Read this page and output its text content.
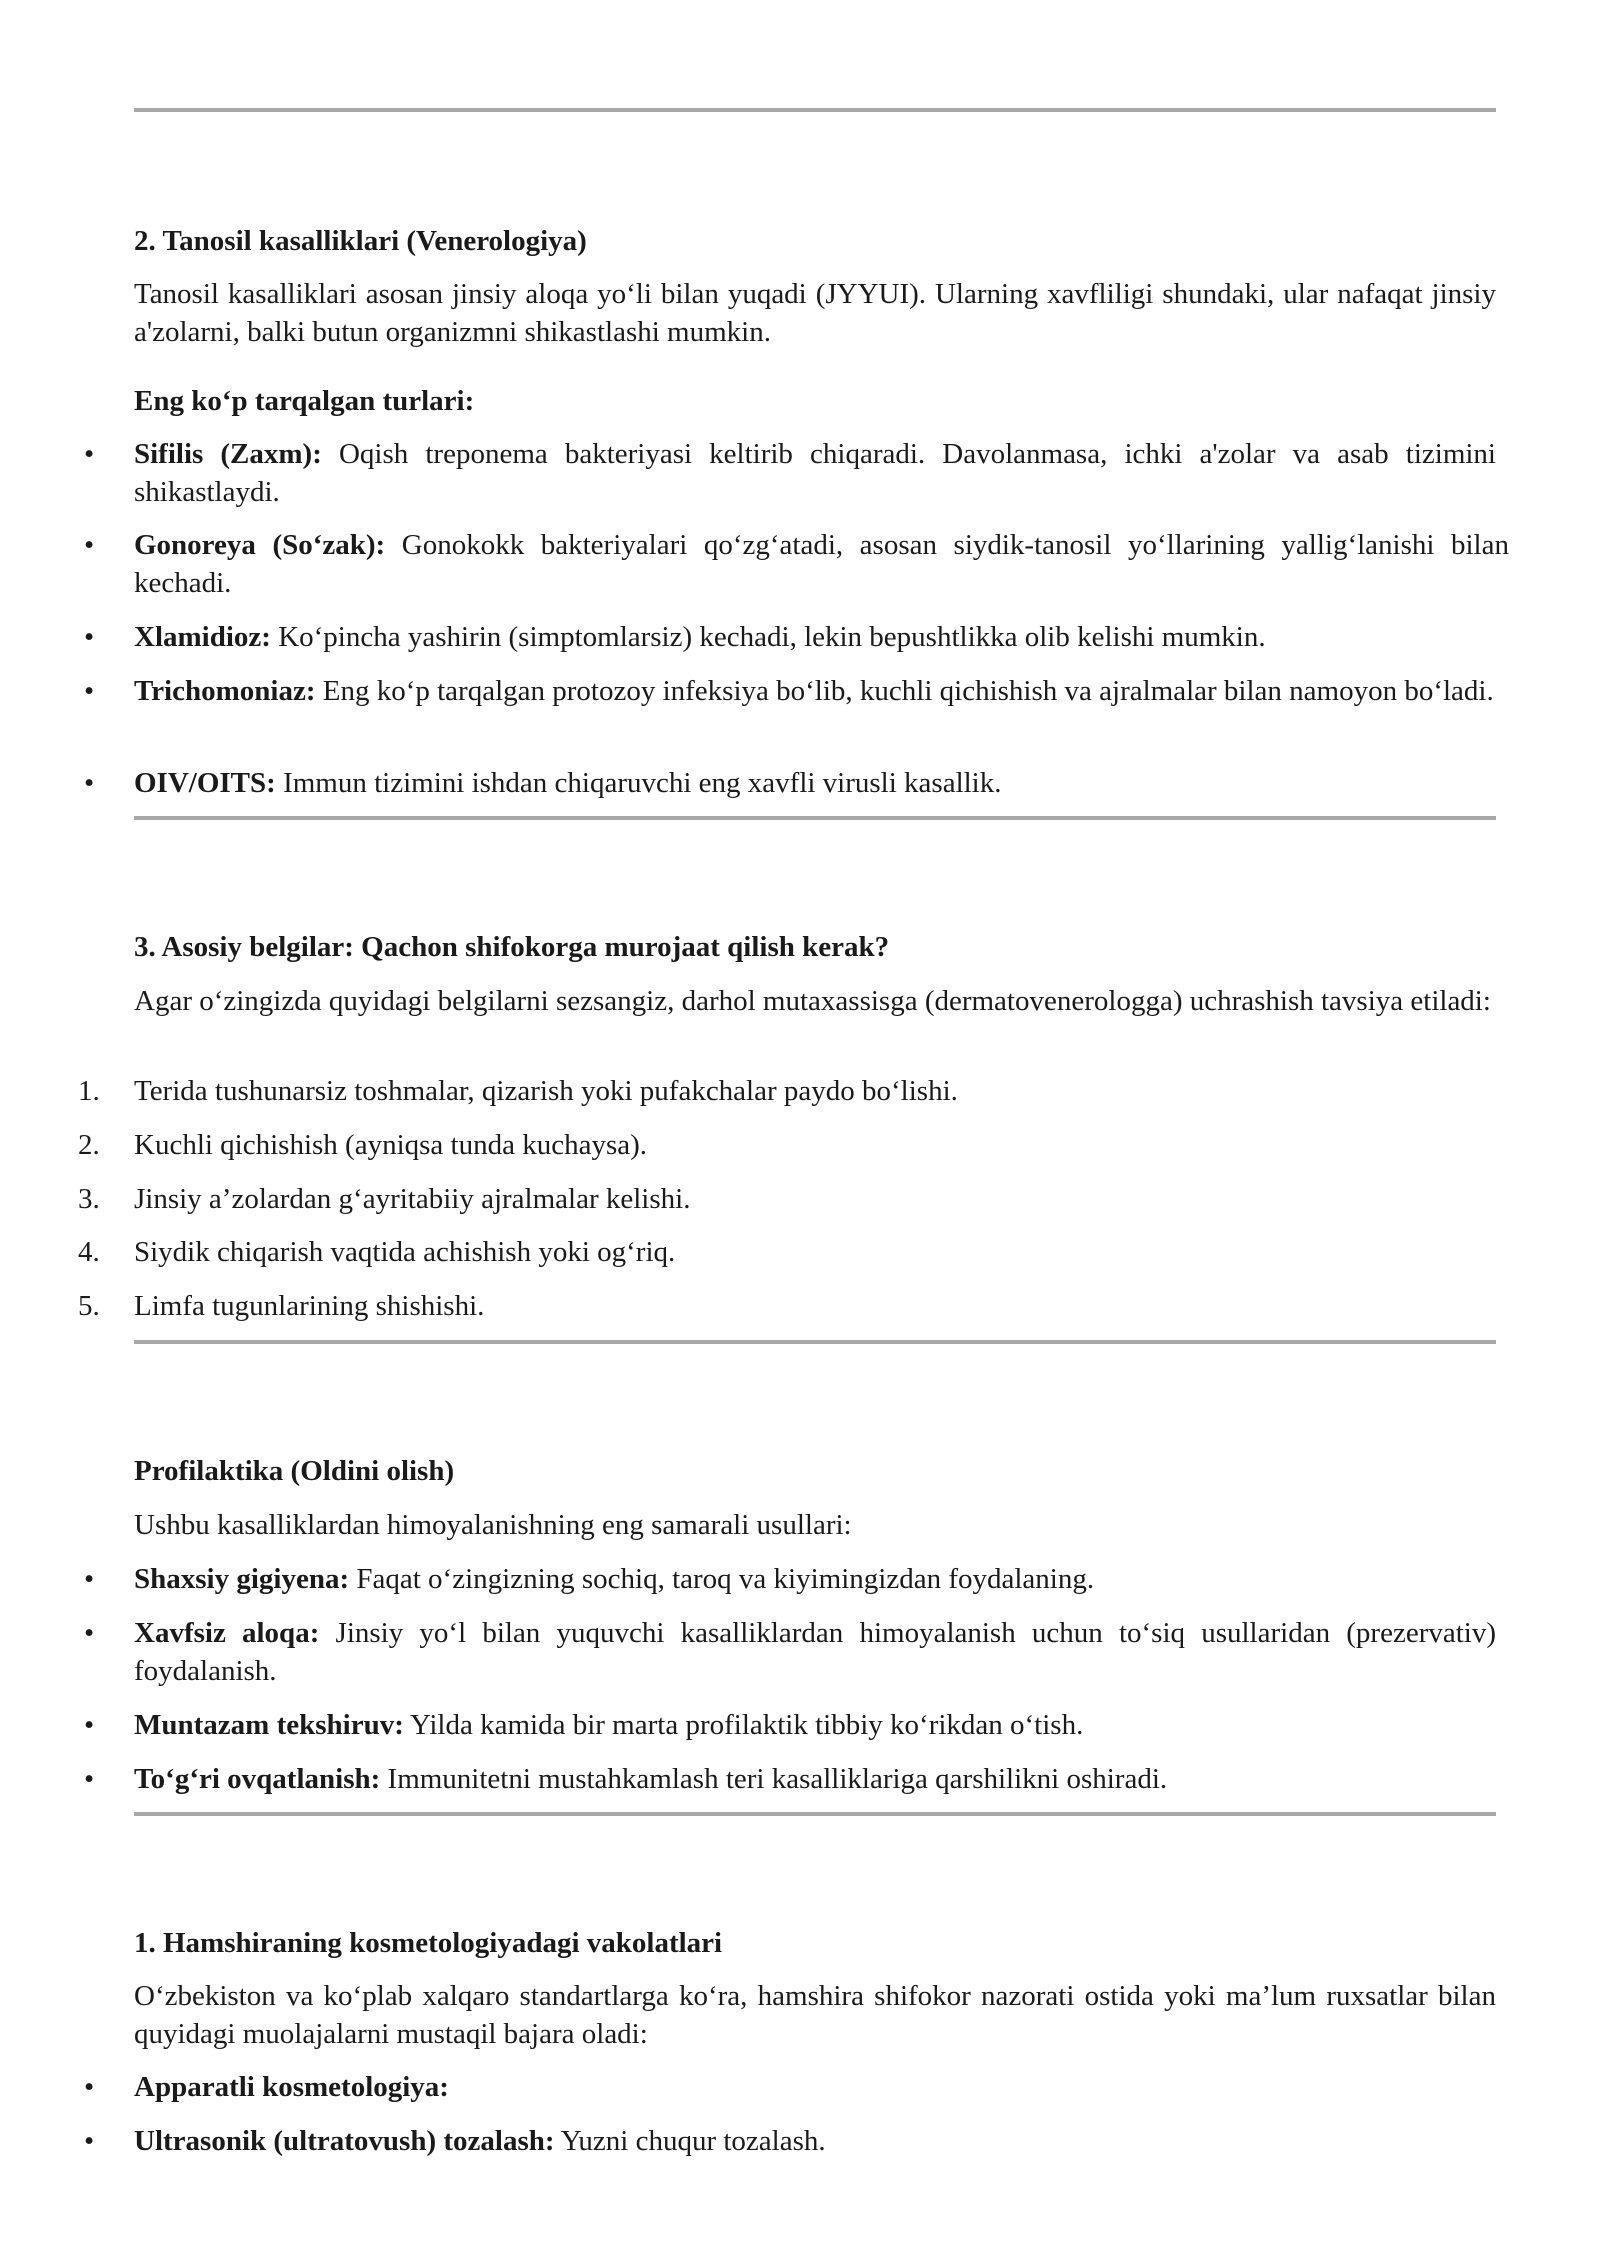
2. Tanosil kasalliklari (Venerologiya)
Tanosil kasalliklari asosan jinsiy aloqa yo‘li bilan yuqadi (JYYUI). Ularning xavfliligi shundaki, ular nafaqat jinsiy a'zolarni, balki butun organizmni shikastlashi mumkin.
Eng ko‘p tarqalgan turlari:
•	Sifilis (Zaxm): Oqish treponema bakteriyasi keltirib chiqaradi. Davolanmasa, ichki a'zolar va asab tizimini shikastlaydi.
•	Gonoreya (So‘zak): Gonokokk bakteriyalari qo‘zg‘atadi, asosan siydik-tanosil yo‘llarining yallig‘lanishi bilan kechadi.
•	Xlamidioz: Ko‘pincha yashirin (simptomlarsiz) kechadi, lekin bepushtlikka olib kelishi mumkin.
•	Trichomoniaz: Eng ko‘p tarqalgan protozoy infeksiya bo‘lib, kuchli qichishish va ajralmalar bilan namoyon bo‘ladi.
•	OIV/OITS: Immun tizimini ishdan chiqaruvchi eng xavfli virusli kasallik.
3. Asosiy belgilar: Qachon shifokorga murojaat qilish kerak?
Agar o‘zingizda quyidagi belgilarni sezsangiz, darhol mutaxassisga (dermatovenerologga) uchrashish tavsiya etiladi:
1.	Terida tushunarsiz toshmalar, qizarish yoki pufakchalar paydo bo‘lishi.
2.	Kuchli qichishish (ayniqsa tunda kuchaysa).
3.	Jinsiy a’zolardan g‘ayritabiiy ajralmalar kelishi.
4.	Siydik chiqarish vaqtida achishish yoki og‘riq.
5.	Limfa tugunlarining shishishi.
Profilaktika (Oldini olish)
Ushbu kasalliklardan himoyalanishning eng samarali usullari:
•	Shaxsiy gigiyena: Faqat o‘zingizning sochiq, taroq va kiyimingizdan foydalaning.
•	Xavfsiz aloqa: Jinsiy yo‘l bilan yuquvchi kasalliklardan himoyalanish uchun to‘siq usullaridan (prezervativ) foydalanish.
•	Muntazam tekshiruv: Yilda kamida bir marta profilaktik tibbiy ko‘rikdan o‘tish.
•	To‘g‘ri ovqatlanish: Immunitetni mustahkamlash teri kasalliklariga qarshilikni oshiradi.
1. Hamshiraning kosmetologiyadagi vakolatlari
O‘zbekiston va ko‘plab xalqaro standartlarga ko‘ra, hamshira shifokor nazorati ostida yoki ma’lum ruxsatlar bilan quyidagi muolajalarni mustaqil bajara oladi:
•	Apparatli kosmetologiya:
•	Ultrasonik (ultratovush) tozalash: Yuzni chuqur tozalash.
